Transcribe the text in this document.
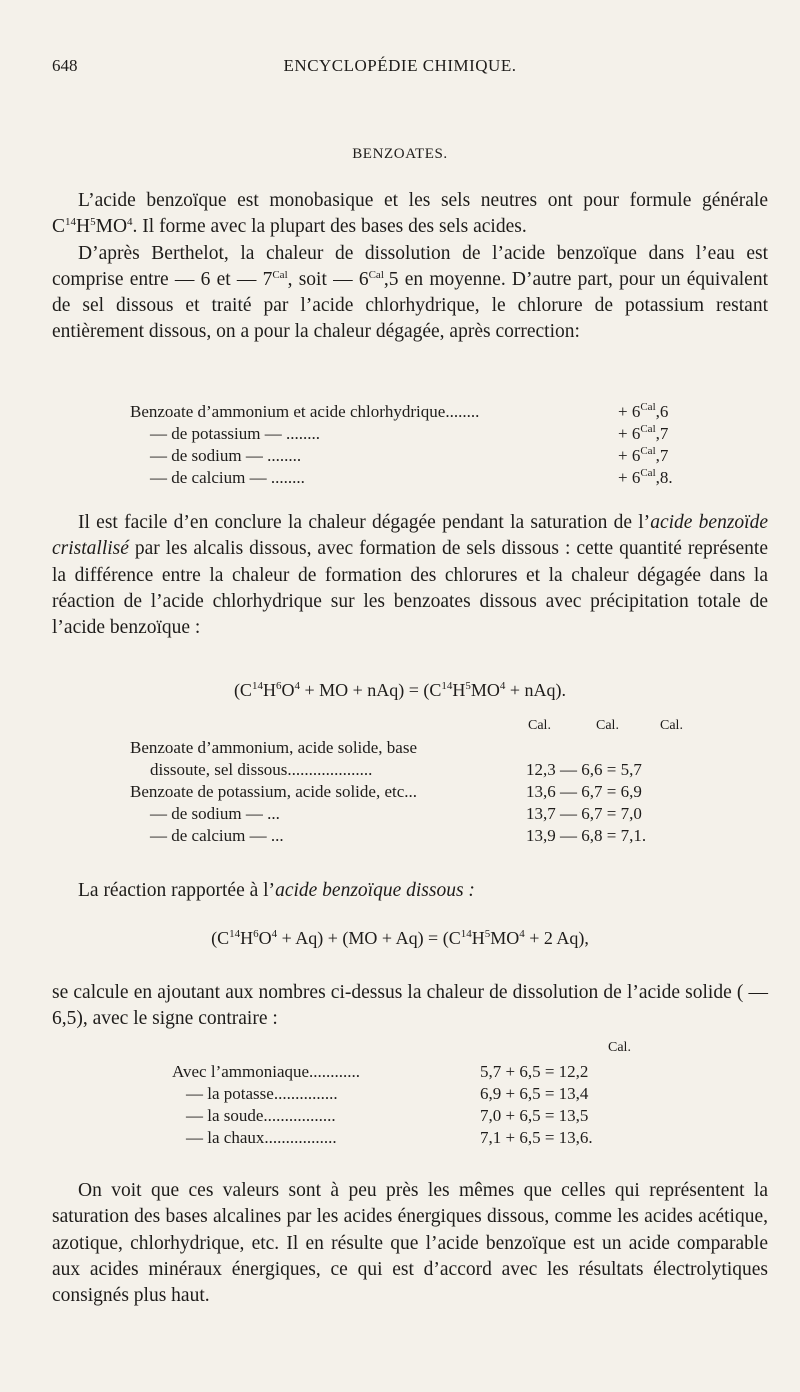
648	ENCYCLOPÉDIE CHIMIQUE.
BENZOATES.
L’acide benzoïque est monobasique et les sels neutres ont pour formule générale $C^{14}H^5MO^4$. Il forme avec la plupart des bases des sels acides.
D’après Berthelot, la chaleur de dissolution de l’acide benzoïque dans l’eau est comprise entre — 6 et — $7^{Cal}$, soit — $6^{Cal},5$ en moyenne. D’autre part, pour un équivalent de sel dissous et traité par l’acide chlorhydrique, le chlorure de potassium restant entièrement dissous, on a pour la chaleur dégagée, après correction:
Benzoate d’ammonium et acide chlorhydrique........	+ $6^{Cal},6$
— de potassium — ........	+ $6^{Cal},7$
— de sodium — ........	+ $6^{Cal},7$
— de calcium — ........	+ $6^{Cal},8$.
Il est facile d’en conclure la chaleur dégagée pendant la saturation de l’acide benzoïde cristallisé par les alcalis dissous, avec formation de sels dissous : cette quantité représente la différence entre la chaleur de formation des chlorures et la chaleur dégagée dans la réaction de l’acide chlorhydrique sur les benzoates dissous avec précipitation totale de l’acide benzoïque :
($C^{14}H^6O^4$ + MO + $nAq) = (C^{14}H^5MO^4 + nAq)$.
Cal.	Cal.	Cal.
Benzoate d’ammonium, acide solide, base
dissoute, sel dissous....................	12,3 — 6,6 = 5,7
Benzoate de potassium, acide solide, etc...	13,6 — 6,7 = 6,9
— de sodium — ...	13,7 — 6,7 = 7,0
— de calcium — ...	13,9 — 6,8 = 7,1.
La réaction rapportée à l’acide benzoïque dissous :
$(C^{14}H^6O^4 + Aq) + (MO + Aq) = (C^{14}H^5MO^4 + 2$ Aq),
se calcule en ajoutant aux nombres ci-dessus la chaleur de dissolution de l’acide solide ( — 6,5), avec le signe contraire :
Cal.
Avec l’ammoniaque............	5,7 + 6,5 = 12,2
— la potasse...............	6,9 + 6,5 = 13,4
— la soude.................	7,0 + 6,5 = 13,5
— la chaux.................	7,1 + 6,5 = 13,6.
On voit que ces valeurs sont à peu près les mêmes que celles qui représentent la saturation des bases alcalines par les acides énergiques dissous, comme les acides acétique, azotique, chlorhydrique, etc. Il en résulte que l’acide benzoïque est un acide comparable aux acides minéraux énergiques, ce qui est d’accord avec les résultats électrolytiques consignés plus haut.
